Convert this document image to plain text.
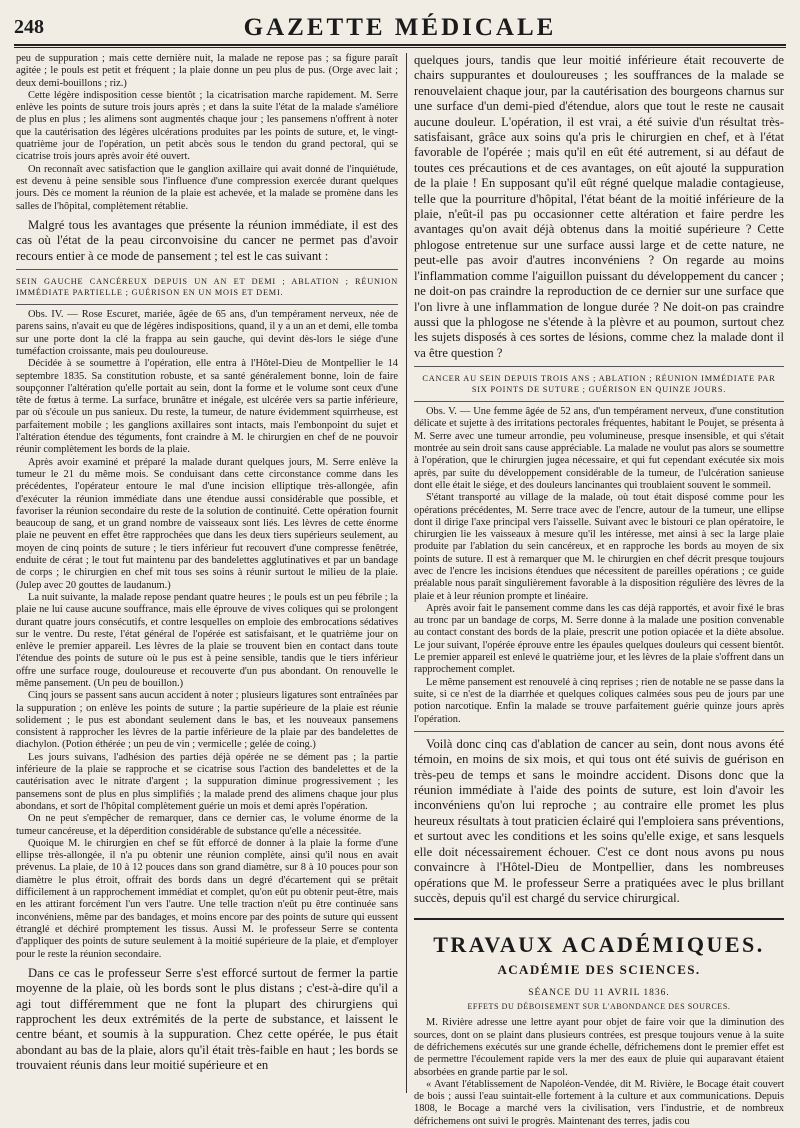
248	GAZETTE MÉDICALE

peu de suppuration ; mais cette dernière nuit, la malade ne repose pas ; sa figure paraît agitée ; le pouls est petit et fréquent ; la plaie donne un peu plus de pus. (Orge avec lait ; deux demi-bouillons ; riz.)

Cette légère indisposition cesse bientôt ; la cicatrisation marche rapidement. M. Serre enlève les points de suture trois jours après ; et dans la suite l'état de la malade s'améliore de plus en plus ; les alimens sont augmentés chaque jour ; les pansemens n'offrent à noter que la cautérisation des légères ulcérations produites par les points de suture, et, le vingt-quatrième jour de l'opération, un petit abcès sous le tendon du grand pectoral, qui se cicatrise trois jours après avoir été ouvert.

On reconnaît avec satisfaction que le ganglion axillaire qui avait donné de l'inquiétude, est devenu à peine sensible sous l'influence d'une compression exercée durant quelques jours. Dès ce moment la réunion de la plaie est achevée, et la malade se promène dans les salles de l'hôpital, complètement rétablie.

Malgré tous les avantages que présente la réunion immédiate, il est des cas où l'état de la peau circonvoisine du cancer ne permet pas d'avoir recours entier à ce mode de pansement ; tel est le cas suivant :

SEIN GAUCHE CANCÉREUX DEPUIS UN AN ET DEMI ; ABLATION ; RÉUNION IMMÉDIATE PARTIELLE ; GUÉRISON EN UN MOIS ET DEMI.

Obs. IV. — Rose Escuret, mariée, âgée de 65 ans, d'un tempérament nerveux, née de parens sains, n'avait eu que de légères indispositions, quand, il y a un an et demi, elle tomba sur une porte dont la clé la frappa au sein gauche, qui devint dès-lors le siége d'une tuméfaction croissante, mais peu douloureuse.

Décidée à se soumettre à l'opération, elle entra à l'Hôtel-Dieu de Montpellier le 14 septembre 1835. Sa constitution robuste, et sa santé généralement bonne, loin de faire soupçonner l'altération qu'elle portait au sein, dont la forme et le volume sont ceux d'une tête de fœtus à terme. La surface, brunâtre et inégale, est ulcérée vers sa partie inférieure, par où s'écoule un pus sanieux. Du reste, la tumeur, de nature évidemment squirrheuse, est parfaitement mobile ; les ganglions axillaires sont intacts, mais l'embonpoint du sujet et l'altération étendue des téguments, font craindre à M. le chirurgien en chef de ne pouvoir réunir complètement les bords de la plaie.

Après avoir examiné et préparé la malade durant quelques jours, M. Serre enlève la tumeur le 21 du même mois. Se conduisant dans cette circonstance comme dans les précédentes, l'opérateur entoure le mal d'une incision elliptique très-allongée, afin d'exécuter la réunion immédiate dans une étendue aussi considérable que possible, et favoriser la réunion secondaire du reste de la solution de continuité. Cette opération fournit beaucoup de sang, et un grand nombre de vaisseaux sont liés. Les lèvres de cette énorme plaie ne peuvent en effet être rapprochées que dans les deux tiers supérieurs seulement, au moyen de cinq points de suture ; le tiers inférieur fut recouvert d'une compresse fenêtrée, enduite de cérat ; le tout fut maintenu par des bandelettes agglutinatives et par un bandage de corps ; le chirurgien en chef mit tous ses soins à réunir surtout le milieu de la plaie. (Julep avec 20 gouttes de laudanum.)

La nuit suivante, la malade repose pendant quatre heures ; le pouls est un peu fébrile ; la plaie ne lui cause aucune souffrance, mais elle éprouve de vives coliques qui se prolongent durant quatre jours consécutifs, et contre lesquelles on emploie des embrocations sédatives sur le ventre. Du reste, l'état général de l'opérée est satisfaisant, et le quatrième jour on enlève le premier appareil. Les lèvres de la plaie se trouvent bien en contact dans toute l'étendue des points de suture où le pus est à peine sensible, tandis que le tiers inférieur offre une surface rouge, douloureuse et recouverte d'un pus abondant. On renouvelle le même pansement. (Un peu de bouillon.)

Cinq jours se passent sans aucun accident à noter ; plusieurs ligatures sont entraînées par la suppuration ; on enlève les points de suture ; la partie supérieure de la plaie est réunie solidement ; le pus est abondant seulement dans le bas, et les nouveaux pansemens consistent à rapprocher les lèvres de la partie inférieure de la plaie par des bandelettes de diachylon. (Potion éthérée ; un peu de vin ; vermicelle ; gelée de coing.)

Les jours suivans, l'adhésion des parties déjà opérée ne se dément pas ; la partie inférieure de la plaie se rapproche et se cicatrise sous l'action des bandelettes et de la cautérisation avec le nitrate d'argent ; la suppuration diminue progressivement ; les pansemens sont de plus en plus simplifiés ; la malade prend des alimens chaque jour plus abondans, et sort de l'hôpital complètement guérie un mois et demi après l'opération.

On ne peut s'empêcher de remarquer, dans ce dernier cas, le volume énorme de la tumeur cancéreuse, et la déperdition considérable de substance qu'elle a nécessitée.

Quoique M. le chirurgien en chef se fût efforcé de donner à la plaie la forme d'une ellipse très-allongée, il n'a pu obtenir une réunion complète, ainsi qu'il nous en avait prévenus. La plaie, de 10 à 12 pouces dans son grand diamètre, sur 8 à 10 pouces pour son diamètre le plus étroit, offrait des bords dans un degré d'écartement qui se prêtait difficilement à un rapprochement immédiat et complet, qu'on eût pu obtenir peut-être, mais en les attirant forcément l'un vers l'autre. Une telle traction n'eût pu être continuée sans inconvéniens, même par des bandages, et moins encore par des points de suture qui eussent étranglé et déchiré promptement les tissus. Aussi M. le professeur Serre se contenta d'appliquer des points de suture seulement à la moitié supérieure de la plaie, et d'employer pour le reste la réunion secondaire.

Dans ce cas le professeur Serre s'est efforcé surtout de fermer la partie moyenne de la plaie, où les bords sont le plus distans ; c'est-à-dire qu'il a agi tout différemment que ne font la plupart des chirurgiens qui rapprochent les deux extrémités de la perte de substance, et laissent le centre béant, et soumis à la suppuration. Chez cette opérée, le pus était abondant au bas de la plaie, alors qu'il était très-faible en haut ; les bords se trouvaient réunis dans leur moitié supérieure et en

quelques jours, tandis que leur moitié inférieure était recouverte de chairs suppurantes et douloureuses ; les souffrances de la malade se renouvelaient chaque jour, par la cautérisation des bourgeons charnus sur une surface d'un demi-pied d'étendue, alors que tout le reste ne causait aucune douleur. L'opération, il est vrai, a été suivie d'un résultat très-satisfaisant, grâce aux soins qu'a pris le chirurgien en chef, et à l'état favorable de l'opérée ; mais qu'il en eût été autrement, si au défaut de toutes ces précautions et de ces avantages, on eût ajouté la suppuration de la plaie ! En supposant qu'il eût régné quelque maladie contagieuse, telle que la pourriture d'hôpital, l'état béant de la moitié inférieure de la plaie, n'eût-il pas pu occasionner cette altération et faire perdre les avantages qu'on avait déjà obtenus dans la moitié supérieure ? Cette phlogose entretenue sur une surface aussi large et de cette nature, ne peut-elle pas avoir d'autres inconvéniens ? On regarde au moins l'inflammation comme l'aiguillon puissant du développement du cancer ; ne doit-on pas craindre la reproduction de ce dernier sur une surface que l'on livre à une inflammation de longue durée ? Ne doit-on pas craindre aussi que la phlogose ne s'étende à la plèvre et au poumon, surtout chez les sujets disposés à ces sortes de lésions, comme chez la malade dont il va être question ?

CANCER AU SEIN DEPUIS TROIS ANS ; ABLATION ; RÉUNION IMMÉDIATE PAR SIX POINTS DE SUTURE ; GUÉRISON EN QUINZE JOURS.

Obs. V. — Une femme âgée de 52 ans, d'un tempérament nerveux, d'une constitution délicate et sujette à des irritations pectorales fréquentes, habitant le Poujet, se présenta à M. Serre avec une tumeur arrondie, peu volumineuse, presque insensible, et qui s'était montrée au sein droit sans cause appréciable. La malade ne voulut pas alors se soumettre à l'opération, que le chirurgien jugea nécessaire, et qui fut cependant exécutée six mois après, par suite du développement considérable de la tumeur, de l'ulcération sanieuse dont elle était le siége, et des douleurs lancinantes qui troublaient souvent le sommeil.

S'étant transporté au village de la malade, où tout était disposé comme pour les opérations précédentes, M. Serre trace avec de l'encre, autour de la tumeur, une ellipse dont il dirige l'axe principal vers l'aisselle. Suivant avec le bistouri ce plan opératoire, le chirurgien lie les vaisseaux à mesure qu'il les intéresse, met ainsi à sec la large plaie produite par l'ablation du sein cancéreux, et en rapproche les bords au moyen de six points de suture. Il est à remarquer que M. le chirurgien en chef décrit presque toujours avec de l'encre les incisions étendues que nécessitent de pareilles opérations ; ce guide préalable nous paraît singulièrement favorable à la disposition régulière des lèvres de la plaie et à leur réunion prompte et linéaire.

Après avoir fait le pansement comme dans les cas déjà rapportés, et avoir fixé le bras au tronc par un bandage de corps, M. Serre donne à la malade une position convenable au contact constant des bords de la plaie, prescrit une potion opiacée et la diète absolue. Le jour suivant, l'opérée éprouve entre les épaules quelques douleurs qui cessent bientôt. Le premier appareil est enlevé le quatrième jour, et les lèvres de la plaie s'offrent dans un rapprochement complet.

Le même pansement est renouvelé à cinq reprises ; rien de notable ne se passe dans la suite, si ce n'est de la diarrhée et quelques coliques calmées sous peu de jours par une potion narcotique. Enfin la malade se trouve parfaitement guérie quinze jours après l'opération.

Voilà donc cinq cas d'ablation de cancer au sein, dont nous avons été témoin, en moins de six mois, et qui tous ont été suivis de guérison en très-peu de temps et sans le moindre accident. Disons donc que la réunion immédiate à l'aide des points de suture, est loin d'avoir les inconvéniens qu'on lui reproche ; au contraire elle promet les plus heureux résultats à tout praticien éclairé qui l'emploiera sans préventions, et surtout avec les conditions et les soins qu'elle exige, et sans lesquels elle doit nécessairement échouer. C'est ce dont nous avons pu nous convaincre à l'Hôtel-Dieu de Montpellier, dans les nombreuses opérations que M. le professeur Serre a pratiquées avec le plus brillant succès, depuis qu'il est chargé du service chirurgical.

TRAVAUX ACADÉMIQUES.
ACADÉMIE DES SCIENCES.
SÉANCE DU 11 AVRIL 1836.
EFFETS DU DÉBOISEMENT SUR L'ABONDANCE DES SOURCES.

M. Rivière adresse une lettre ayant pour objet de faire voir que la diminution des sources, dont on se plaint dans plusieurs contrées, est presque toujours venue à la suite de défrichemens exécutés sur une grande échelle, défrichemens dont le premier effet est de permettre l'écoulement rapide vers la mer des eaux de pluie qui auparavant étaient absorbées en grande partie par le sol.

« Avant l'établissement de Napoléon-Vendée, dit M. Rivière, le Bocage était couvert de bois ; aussi l'eau suintait-elle fortement à la culture et aux communications. Depuis 1808, le Bocage a marché vers la civilisation, vers l'industrie, et de nombreux défrichemens ont suivi le progrès. Maintenant des terres, jadis cou
